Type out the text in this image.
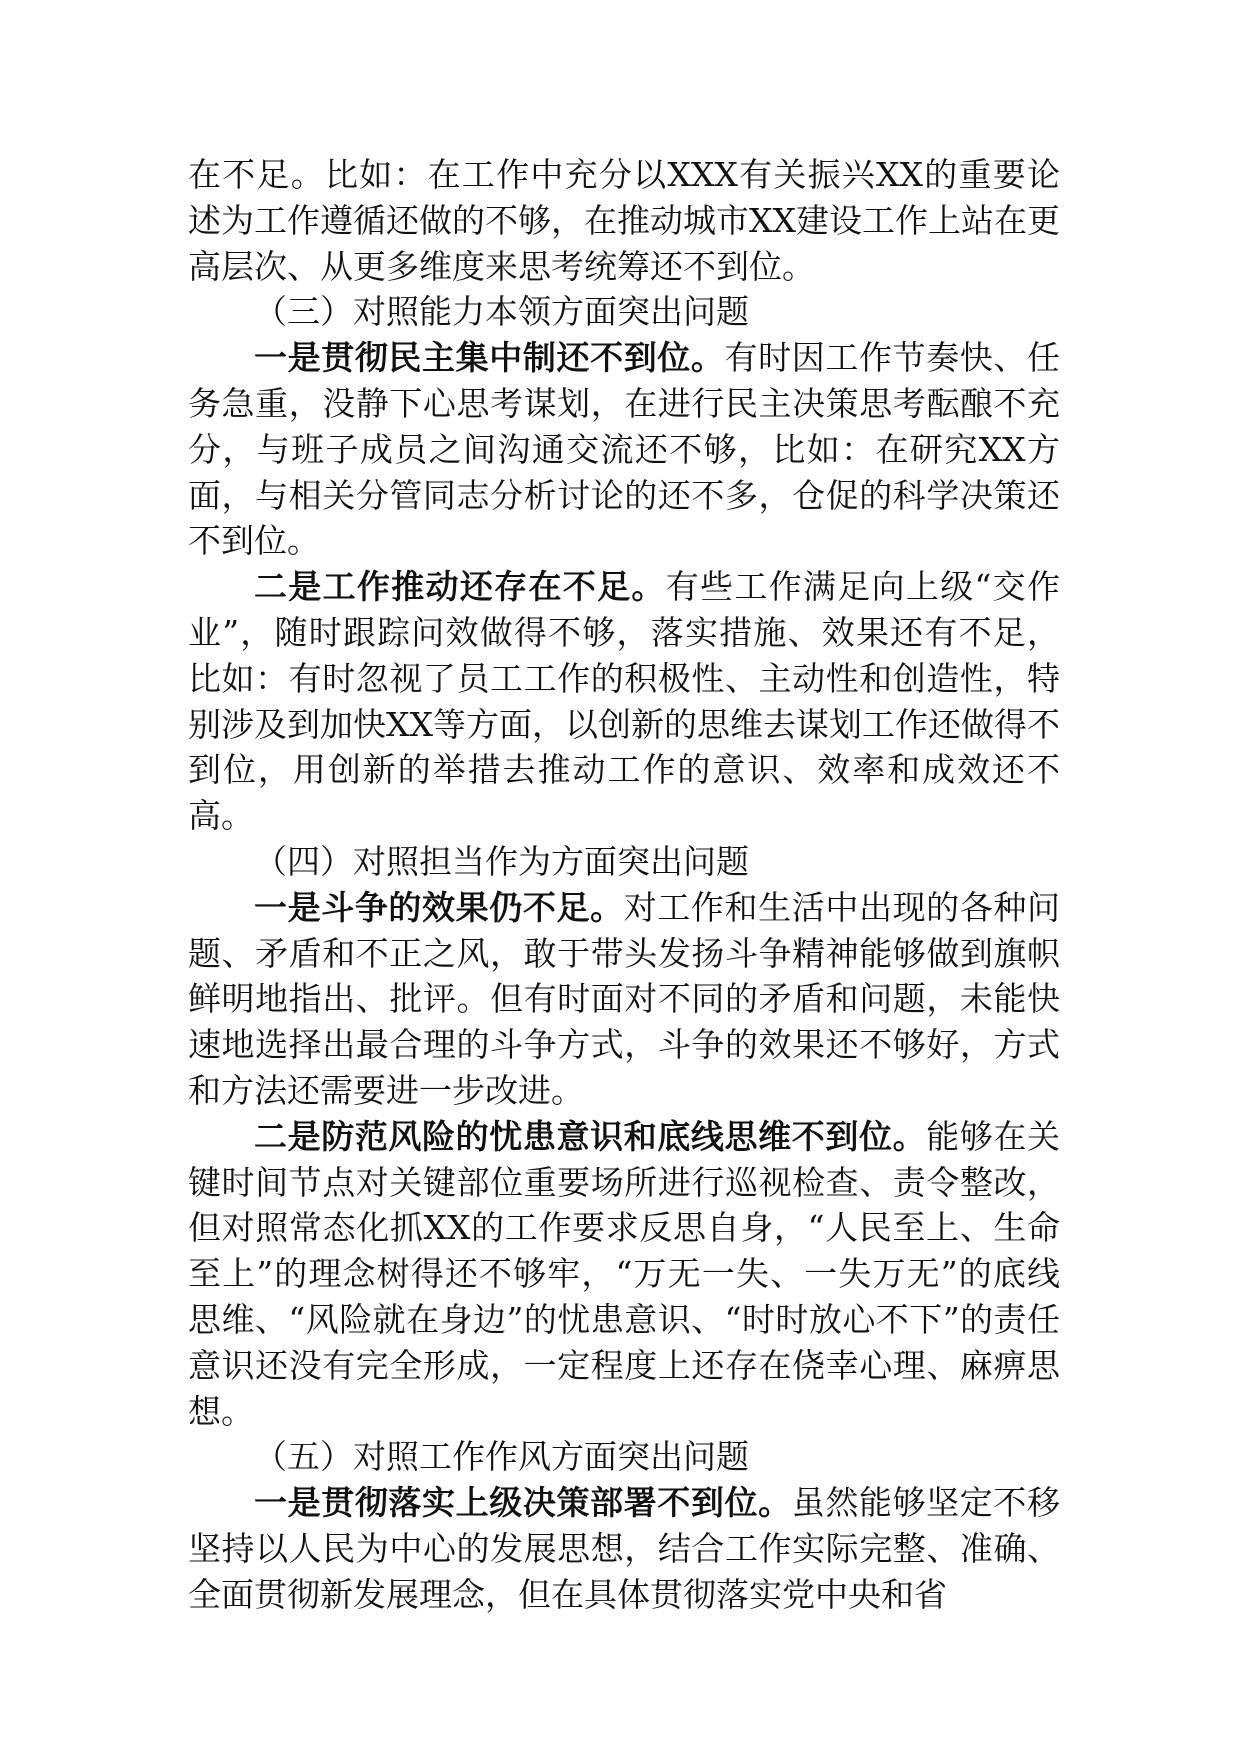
在不足。比如：在工作中充分以XXX有关振兴XX的重要论述为工作遵循还做的不够，在推动城市XX建设工作上站在更高层次、从更多维度来思考统筹还不到位。

（三）对照能力本领方面突出问题

一是贯彻民主集中制还不到位。有时因工作节奏快、任务急重，没静下心思考谋划，在进行民主决策思考酝酿不充分，与班子成员之间沟通交流还不够，比如：在研究XX方面，与相关分管同志分析讨论的还不多，仓促的科学决策还不到位。

二是工作推动还存在不足。有些工作满足向上级“交作业”，随时跟踪问效做得不够，落实措施、效果还有不足，比如：有时忽视了员工工作的积极性、主动性和创造性，特别涉及到加快XX等方面，以创新的思维去谋划工作还做得不到位，用创新的举措去推动工作的意识、效率和成效还不高。

（四）对照担当作为方面突出问题

一是斗争的效果仍不足。对工作和生活中出现的各种问题、矛盾和不正之风，敢于带头发扬斗争精神能够做到旗帜鲜明地指出、批评。但有时面对不同的矛盾和问题，未能快速地选择出最合理的斗争方式，斗争的效果还不够好，方式和方法还需要进一步改进。

二是防范风险的忧患意识和底线思维不到位。能够在关键时间节点对关键部位重要场所进行巡视检查、责令整改，但对照常态化抓XX的工作要求反思自身，“人民至上、生命至上”的理念树得还不够牢，“万无一失、一失万无”的底线思维、“风险就在身边”的忧患意识、“时时放心不下”的责任意识还没有完全形成，一定程度上还存在侥幸心理、麻痹思想。

（五）对照工作作风方面突出问题

一是贯彻落实上级决策部署不到位。虽然能够坚定不移坚持以人民为中心的发展思想，结合工作实际完整、准确、全面贯彻新发展理念，但在具体贯彻落实党中央和省
